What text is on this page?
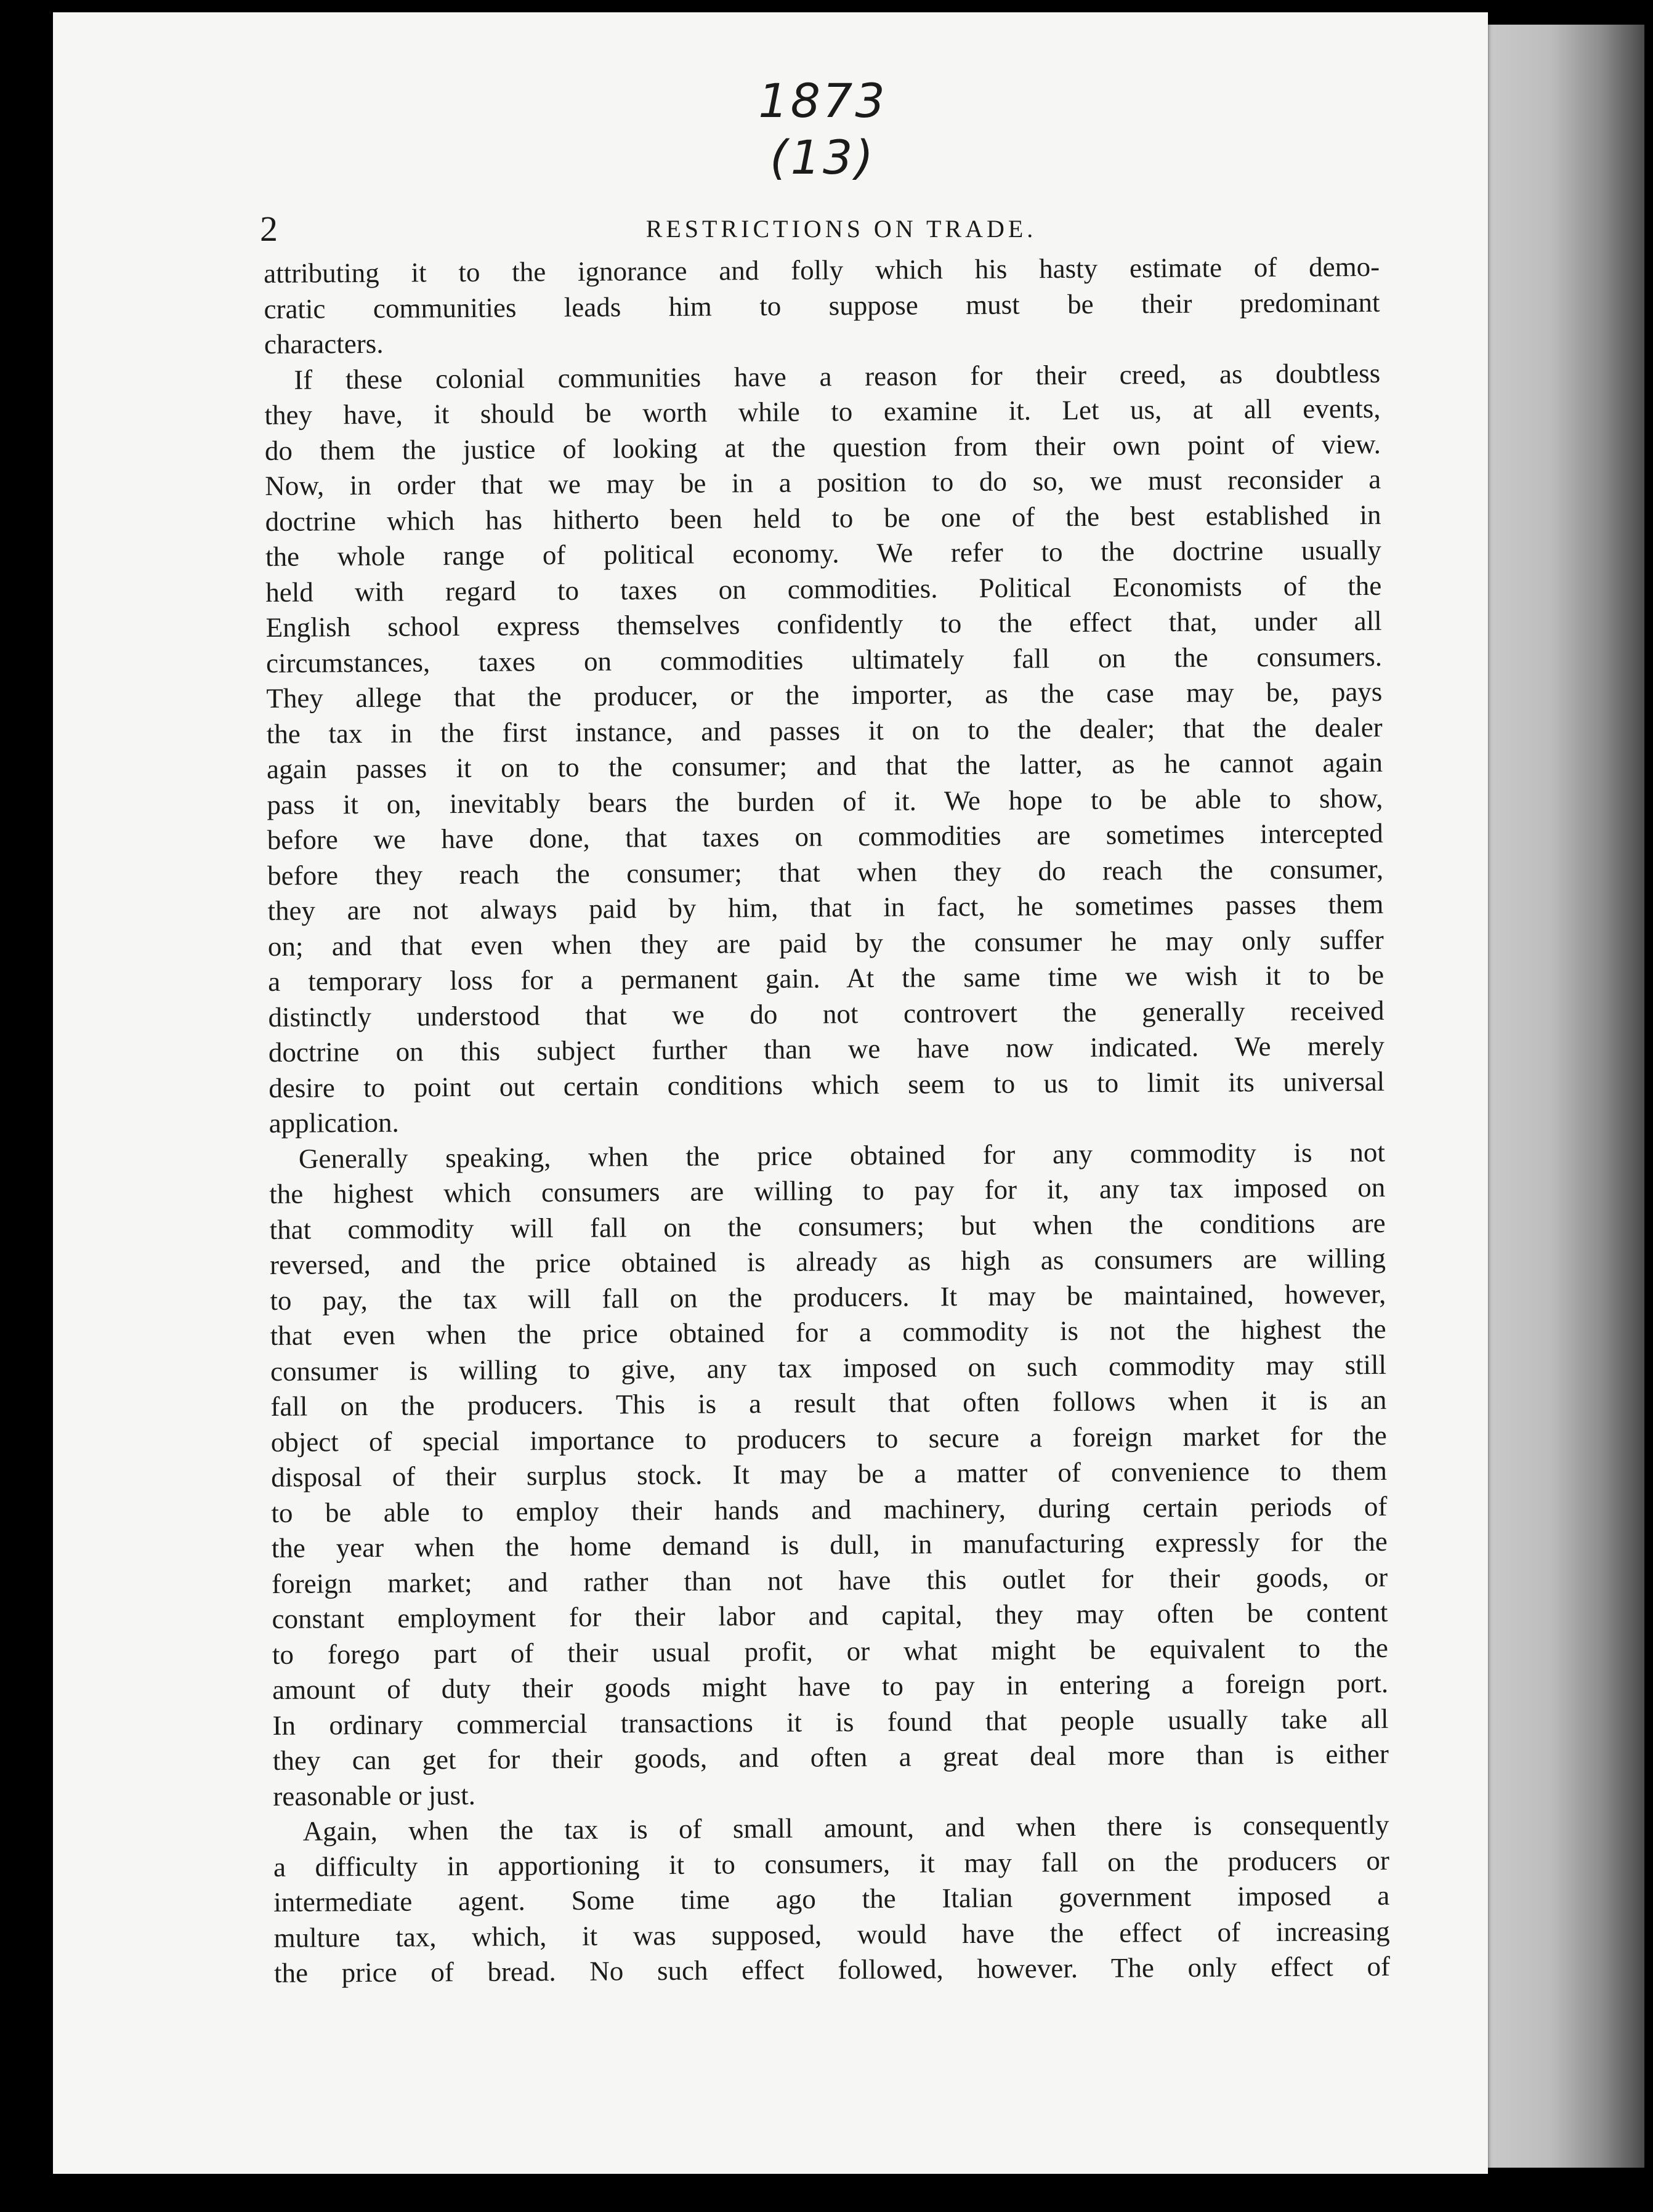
1873
(13)
2	RESTRICTIONS ON TRADE.
attributing it to the ignorance and folly which his hasty estimate of demo-
cratic communities leads him to suppose must be their predominant
characters.
If these colonial communities have a reason for their creed, as doubtless
they have, it should be worth while to examine it. Let us, at all events,
do them the justice of looking at the question from their own point of view.
Now, in order that we may be in a position to do so, we must reconsider a
doctrine which has hitherto been held to be one of the best established in
the whole range of political economy. We refer to the doctrine usually
held with regard to taxes on commodities. Political Economists of the
English school express themselves confidently to the effect that, under all
circumstances, taxes on commodities ultimately fall on the consumers.
They allege that the producer, or the importer, as the case may be, pays
the tax in the first instance, and passes it on to the dealer; that the dealer
again passes it on to the consumer; and that the latter, as he cannot again
pass it on, inevitably bears the burden of it. We hope to be able to show,
before we have done, that taxes on commodities are sometimes intercepted
before they reach the consumer; that when they do reach the consumer,
they are not always paid by him, that in fact, he sometimes passes them
on; and that even when they are paid by the consumer he may only suffer
a temporary loss for a permanent gain. At the same time we wish it to be
distinctly understood that we do not controvert the generally received
doctrine on this subject further than we have now indicated. We merely
desire to point out certain conditions which seem to us to limit its universal
application.
Generally speaking, when the price obtained for any commodity is not
the highest which consumers are willing to pay for it, any tax imposed on
that commodity will fall on the consumers; but when the conditions are
reversed, and the price obtained is already as high as consumers are willing
to pay, the tax will fall on the producers. It may be maintained, however,
that even when the price obtained for a commodity is not the highest the
consumer is willing to give, any tax imposed on such commodity may still
fall on the producers. This is a result that often follows when it is an
object of special importance to producers to secure a foreign market for the
disposal of their surplus stock. It may be a matter of convenience to them
to be able to employ their hands and machinery, during certain periods of
the year when the home demand is dull, in manufacturing expressly for the
foreign market; and rather than not have this outlet for their goods, or
constant employment for their labor and capital, they may often be content
to forego part of their usual profit, or what might be equivalent to the
amount of duty their goods might have to pay in entering a foreign port.
In ordinary commercial transactions it is found that people usually take all
they can get for their goods, and often a great deal more than is either
reasonable or just.
Again, when the tax is of small amount, and when there is consequently
a difficulty in apportioning it to consumers, it may fall on the producers or
intermediate agent. Some time ago the Italian government imposed a
multure tax, which, it was supposed, would have the effect of increasing
the price of bread. No such effect followed, however. The only effect of
